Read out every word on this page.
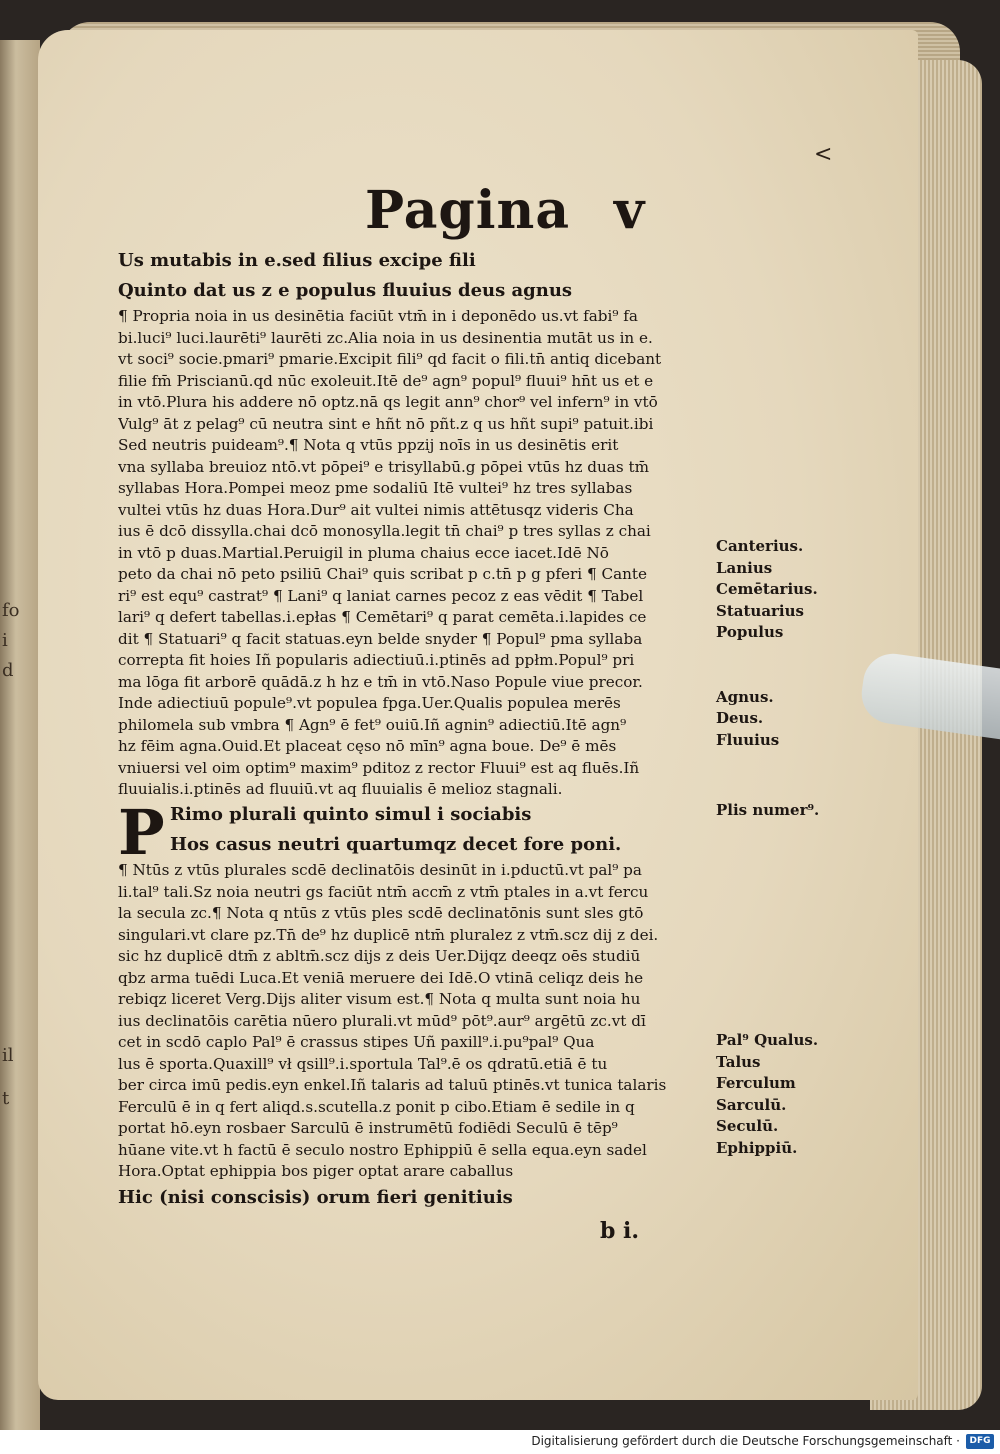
fo
i
d
il
t
<
Pagina v
Us mutabis in e.sed filius excipe fili
Quinto dat us z e populus fluuius deus agnus
¶ Propria noia in us desinētia faciūt vtm̄ in i deponēdo us.vt fabi⁹ fa
bi.luci⁹ luci.laurēti⁹ laurēti zc.Alia noia in us desinentia mutāt us in e.
vt soci⁹ socie.pmari⁹ pmarie.Excipit fili⁹ qd facit o fili.tn̄ antiq dicebant
filie fm̄ Priscianū.qd nūc exoleuit.Itē de⁹ agn⁹ popul⁹ fluui⁹ hn̄t us et e
in vtō.Plura his addere nō optz.nā qs legit ann⁹ chor⁹ vel infern⁹ in vtō
Vulg⁹ āt z pelag⁹ cū neutra sint e hñt nō pñt.z q us hñt supi⁹ patuit.ibi
Sed neutris puideam⁹.¶ Nota q vtūs ppzij noīs in us desinētis erit
vna syllaba breuioz ntō.vt pōpei⁹ e trisyllabū.g pōpei vtūs hz duas tm̄
syllabas Hora.Pompei meoz pme sodaliū Itē vultei⁹ hz tres syllabas
vultei vtūs hz duas Hora.Dur⁹ ait vultei nimis attētusqz videris Cha
ius ē dcō dissylla.chai dcō monosylla.legit tn̄ chai⁹ p tres syllas z chai
in vtō p duas.Martial.Peruigil in pluma chaius ecce iacet.Idē Nō
peto da chai nō peto psiliū Chai⁹ quis scribat p c.tn̄ p g pferi ¶ Cante
ri⁹ est equ⁹ castrat⁹ ¶ Lani⁹ q laniat carnes pecoz z eas vēdit ¶ Tabel
lari⁹ q defert tabellas.i.epłas ¶ Cemētari⁹ q parat cemēta.i.lapides ce
dit ¶ Statuari⁹ q facit statuas.eyn belde snyder ¶ Popul⁹ pma syllaba
correpta fit hoies Iñ popularis adiectiuū.i.ptinēs ad ppłm.Popul⁹ pri
ma lōga fit arborē quādā.z h hz e tm̄ in vtō.Naso Popule viue precor.
Inde adiectiuū popule⁹.vt populea fpga.Uer.Qualis populea merēs
philomela sub vmbra ¶ Agn⁹ ē fet⁹ ouiū.Iñ agnin⁹ adiectiū.Itē agn⁹
hz fēim agna.Ouid.Et placeat cęso nō mīn⁹ agna boue. De⁹ ē mēs
vniuersi vel oim optim⁹ maxim⁹ pditoz z rector Fluui⁹ est aq fluēs.Iñ
fluuialis.i.ptinēs ad fluuiū.vt aq fluuialis ē melioz stagnali.
Canterius.
Lanius
Cemētarius.
Statuarius
Populus
Agnus.
Deus.
Fluuius
P Rimo plurali quinto simul i sociabis
Hos casus neutri quartumqz decet fore poni.
¶ Ntūs z vtūs plurales scdē declinatōis desinūt in i.pductū.vt pal⁹ pa
li.tal⁹ tali.Sz noia neutri gs faciūt ntm̄ accm̄ z vtm̄ ptales in a.vt fercu
la secula zc.¶ Nota q ntūs z vtūs ples scdē declinatōnis sunt sles gtō
singulari.vt clare pz.Tn̄ de⁹ hz duplicē ntm̄ pluralez z vtm̄.scz dij z dei.
sic hz duplicē dtm̄ z abltm̄.scz dijs z deis Uer.Dijqz deeqz oēs studiū
qbz arma tuēdi Luca.Et veniā meruere dei Idē.O vtinā celiqz deis he
rebiqz liceret Verg.Dijs aliter visum est.¶ Nota q multa sunt noia hu
ius declinatōis carētia nūero plurali.vt mūd⁹ pōt⁹.aur⁹ argētū zc.vt dī
cet in scdō caplo Pal⁹ ē crassus stipes Uñ paxill⁹.i.pu⁹pal⁹ Qua
lus ē sporta.Quaxill⁹ vł qsill⁹.i.sportula Tal⁹.ē os qdratū.etiā ē tu
ber circa imū pedis.eyn enkel.Iñ talaris ad taluū ptinēs.vt tunica talaris
Ferculū ē in q fert aliqd.s.scutella.z ponit p cibo.Etiam ē sedile in q
portat hō.eyn rosbaer Sarculū ē instrumētū fodiēdi Seculū ē tēp⁹
hūane vite.vt h factū ē seculo nostro Ephippiū ē sella equa.eyn sadel
Hora.Optat ephippia bos piger optat arare caballus
Hic (nisi conscisis) orum fieri genitiuis
Plis numer⁹.
Pal⁹ Qualus.
Talus
Ferculum
Sarculū.
Seculū.
Ephippiū.
b i.
Digitalisierung gefördert durch die Deutsche Forschungsgemeinschaft ·	DFG
